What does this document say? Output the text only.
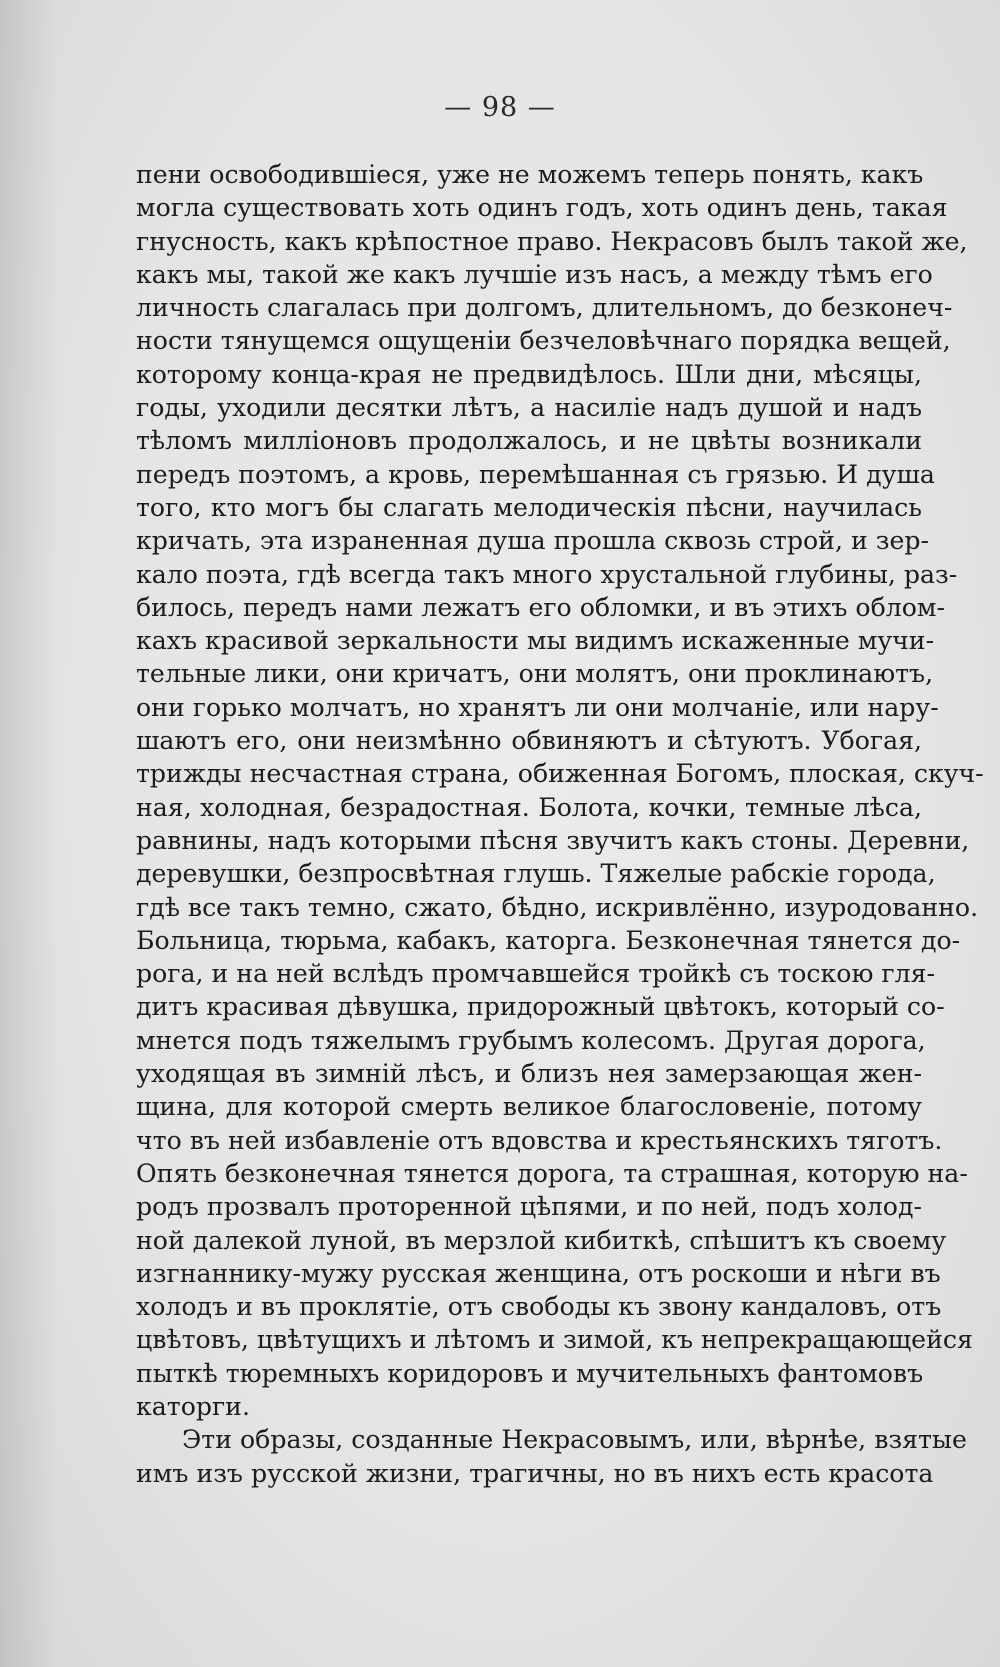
— 98 —
пени освободившiеся, уже не можемъ теперь понять, какъ
могла существовать хоть одинъ годъ, хоть одинъ день, такая
гнусность, какъ крѣпостное право. Некрасовъ былъ такой же,
какъ мы, такой же какъ лучшiе изъ насъ, а между тѣмъ его
личность слагалась при долгомъ, длительномъ, до безконеч-
ности тянущемся ощущенiи безчеловѣчнаго порядка вещей,
которому конца-края не предвидѣлось. Шли дни, мѣсяцы,
годы, уходили десятки лѣтъ, а насилiе надъ душой и надъ
тѣломъ миллiоновъ продолжалось, и не цвѣты возникали
передъ поэтомъ, а кровь, перемѣшанная съ грязью. И душа
того, кто могъ бы слагать мелодическiя пѣсни, научилась
кричать, эта израненная душа прошла сквозь строй, и зер-
кало поэта, гдѣ всегда такъ много хрустальной глубины, раз-
билось, передъ нами лежатъ его обломки, и въ этихъ облом-
кахъ красивой зеркальности мы видимъ искаженные мучи-
тельные лики, они кричатъ, они молятъ, они проклинаютъ,
они горько молчатъ, но хранятъ ли они молчанiе, или нару-
шаютъ его, они неизмѣнно обвиняютъ и сѣтуютъ. Убогая,
трижды несчастная страна, обиженная Богомъ, плоская, скуч-
ная, холодная, безрадостная. Болота, кочки, темные лѣса,
равнины, надъ которыми пѣсня звучитъ какъ стоны. Деревни,
деревушки, безпросвѣтная глушь. Тяжелые рабскiе города,
гдѣ все такъ темно, сжато, бѣдно, искривлённо, изуродованно.
Больница, тюрьма, кабакъ, каторга. Безконечная тянется до-
рога, и на ней вслѣдъ промчавшейся тройкѣ съ тоскою гля-
дитъ красивая дѣвушка, придорожный цвѣтокъ, который со-
мнется подъ тяжелымъ грубымъ колесомъ. Другая дорога,
уходящая въ зимнiй лѣсъ, и близъ нея замерзающая жен-
щина, для которой смерть великое благословенiе, потому
что въ ней избавленiе отъ вдовства и крестьянскихъ тяготъ.
Опять безконечная тянется дорога, та страшная, которую на-
родъ прозвалъ протоpенной цѣпями, и по ней, подъ холод-
ной далекой луной, въ мерзлой кибиткѣ, спѣшитъ къ своему
изгнаннику-мужу русская женщина, отъ роскоши и нѣги въ
холодъ и въ проклятiе, отъ свободы къ звону кандаловъ, отъ
цвѣтовъ, цвѣтущихъ и лѣтомъ и зимой, къ непрекращающейся
пыткѣ тюремныхъ коридоровъ и мучительныхъ фантомовъ
каторги.
Эти образы, созданные Некрасовымъ, или, вѣрнѣе, взятые
имъ изъ русской жизни, трагичны, но въ нихъ есть красота
